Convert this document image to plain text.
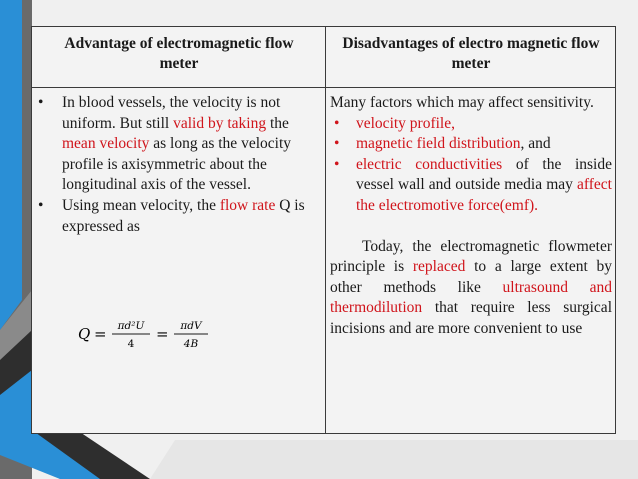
Advantage of electromagnetic flow meter
Disadvantages of electro magnetic flow meter
• In blood vessels, the velocity is not uniform. But still valid by taking the mean velocity as long as the velocity profile is axisymmetric about the longitudinal axis of the vessel.
• Using mean velocity, the flow rate Q is expressed as
Q = πd²U
4
= πdV
4B
Many factors which may affect sensitivity.
• velocity profile,
• magnetic field distribution, and
• electric conductivities of the inside vessel wall and outside media may affect the electromotive force(emf).
Today, the electromagnetic flowmeter principle is replaced to a large extent by other methods like ultrasound and thermodilution that require less surgical incisions and are more convenient to use
